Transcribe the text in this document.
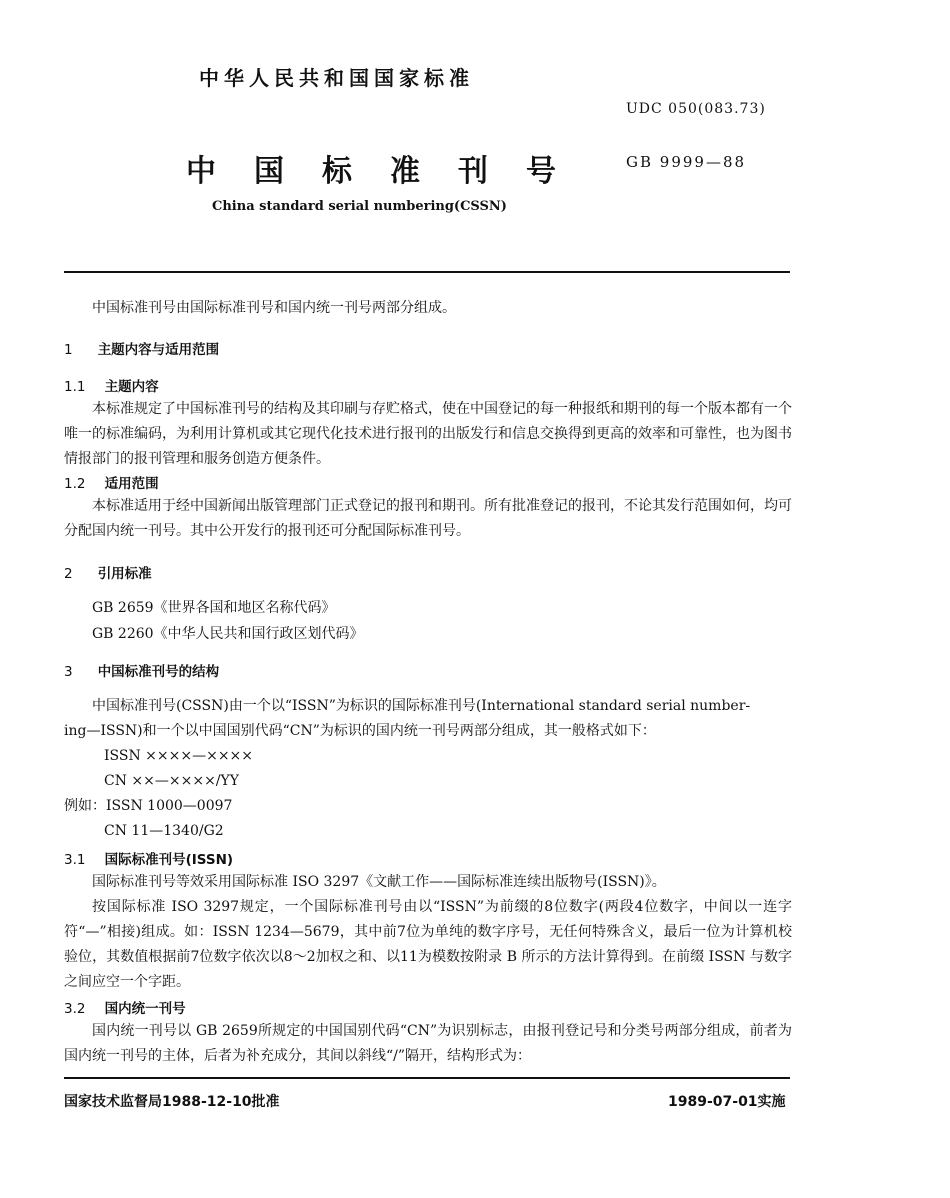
中华人民共和国国家标准
UDC 050(083.73)
中国标准刊号 GB 9999—88
China standard serial numbering(CSSN)
中国标准刊号由国际标准刊号和国内统一刊号两部分组成。
1 主题内容与适用范围
1.1 主题内容
本标准规定了中国标准刊号的结构及其印刷与存贮格式，使在中国登记的每一种报纸和期刊的每一个版本都有一个唯一的标准编码，为利用计算机或其它现代化技术进行报刊的出版发行和信息交换得到更高的效率和可靠性，也为图书情报部门的报刊管理和服务创造方便条件。
1.2 适用范围
本标准适用于经中国新闻出版管理部门正式登记的报刊和期刊。所有批准登记的报刊，不论其发行范围如何，均可分配国内统一刊号。其中公开发行的报刊还可分配国际标准刊号。
2 引用标准
GB 2659《世界各国和地区名称代码》
GB 2260《中华人民共和国行政区划代码》
3 中国标准刊号的结构
中国标准刊号(CSSN)由一个以“ISSN”为标识的国际标准刊号(International standard serial number-
ing—ISSN)和一个以中国国别代码“CN”为标识的国内统一刊号两部分组成，其一般格式如下：
ISSN ××××—××××
CN ××—××××/YY
例如：ISSN 1000—0097
CN 11—1340/G2
3.1 国际标准刊号(ISSN)
国际标准刊号等效采用国际标准 ISO 3297《文献工作——国际标准连续出版物号(ISSN)》。
按国际标准 ISO 3297规定，一个国际标准刊号由以“ISSN”为前缀的8位数字(两段4位数字，中间以一连字符“—”相接)组成。如：ISSN 1234—5679，其中前7位为单纯的数字序号，无任何特殊含义，最后一位为计算机校验位，其数值根据前7位数字依次以8～2加权之和、以11为模数按附录 B 所示的方法计算得到。在前缀 ISSN 与数字之间应空一个字距。
3.2 国内统一刊号
国内统一刊号以 GB 2659所规定的中国国别代码“CN”为识别标志，由报刊登记号和分类号两部分组成，前者为国内统一刊号的主体，后者为补充成分，其间以斜线“/”隔开，结构形式为：
国家技术监督局1988-12-10批准	1989-07-01实施
